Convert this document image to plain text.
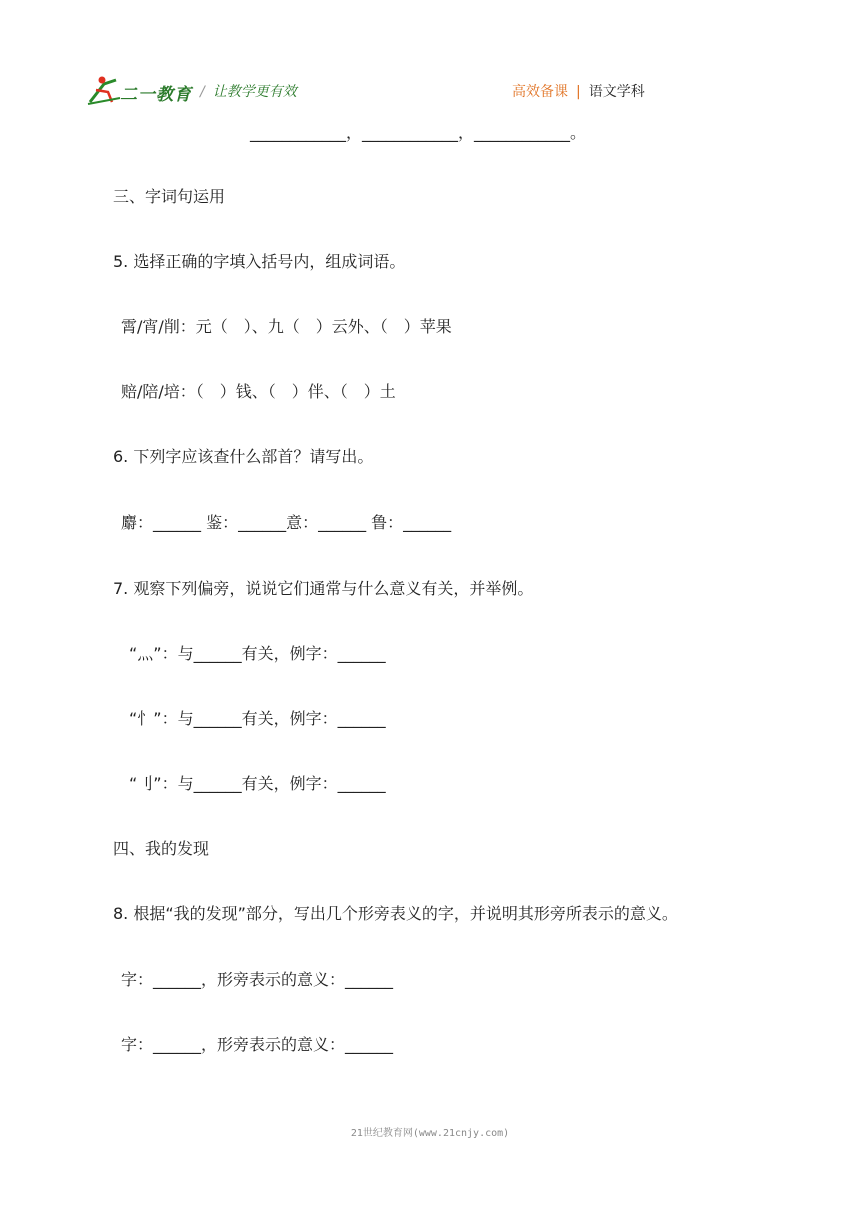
二一教育 / 让教学更有效	高效备课 | 语文学科
____________，____________，____________。
三、字词句运用
5. 选择正确的字填入括号内，组成词语。
霄/宵/削：元（　）、九（　）云外、（　）苹果
赔/陪/培：（　）钱、（　）伴、（　）土
6. 下列字应该查什么部首？请写出。
麝：______ 鉴：______意：______ 鲁：______
7. 观察下列偏旁，说说它们通常与什么意义有关，并举例。
“灬”：与______有关，例字：______
“忄”：与______有关，例字：______
“刂”：与______有关，例字：______
四、我的发现
8. 根据“我的发现”部分，写出几个形旁表义的字，并说明其形旁所表示的意义。
字：______，形旁表示的意义：______
字：______，形旁表示的意义：______
21世纪教育网(www.21cnjy.com)
